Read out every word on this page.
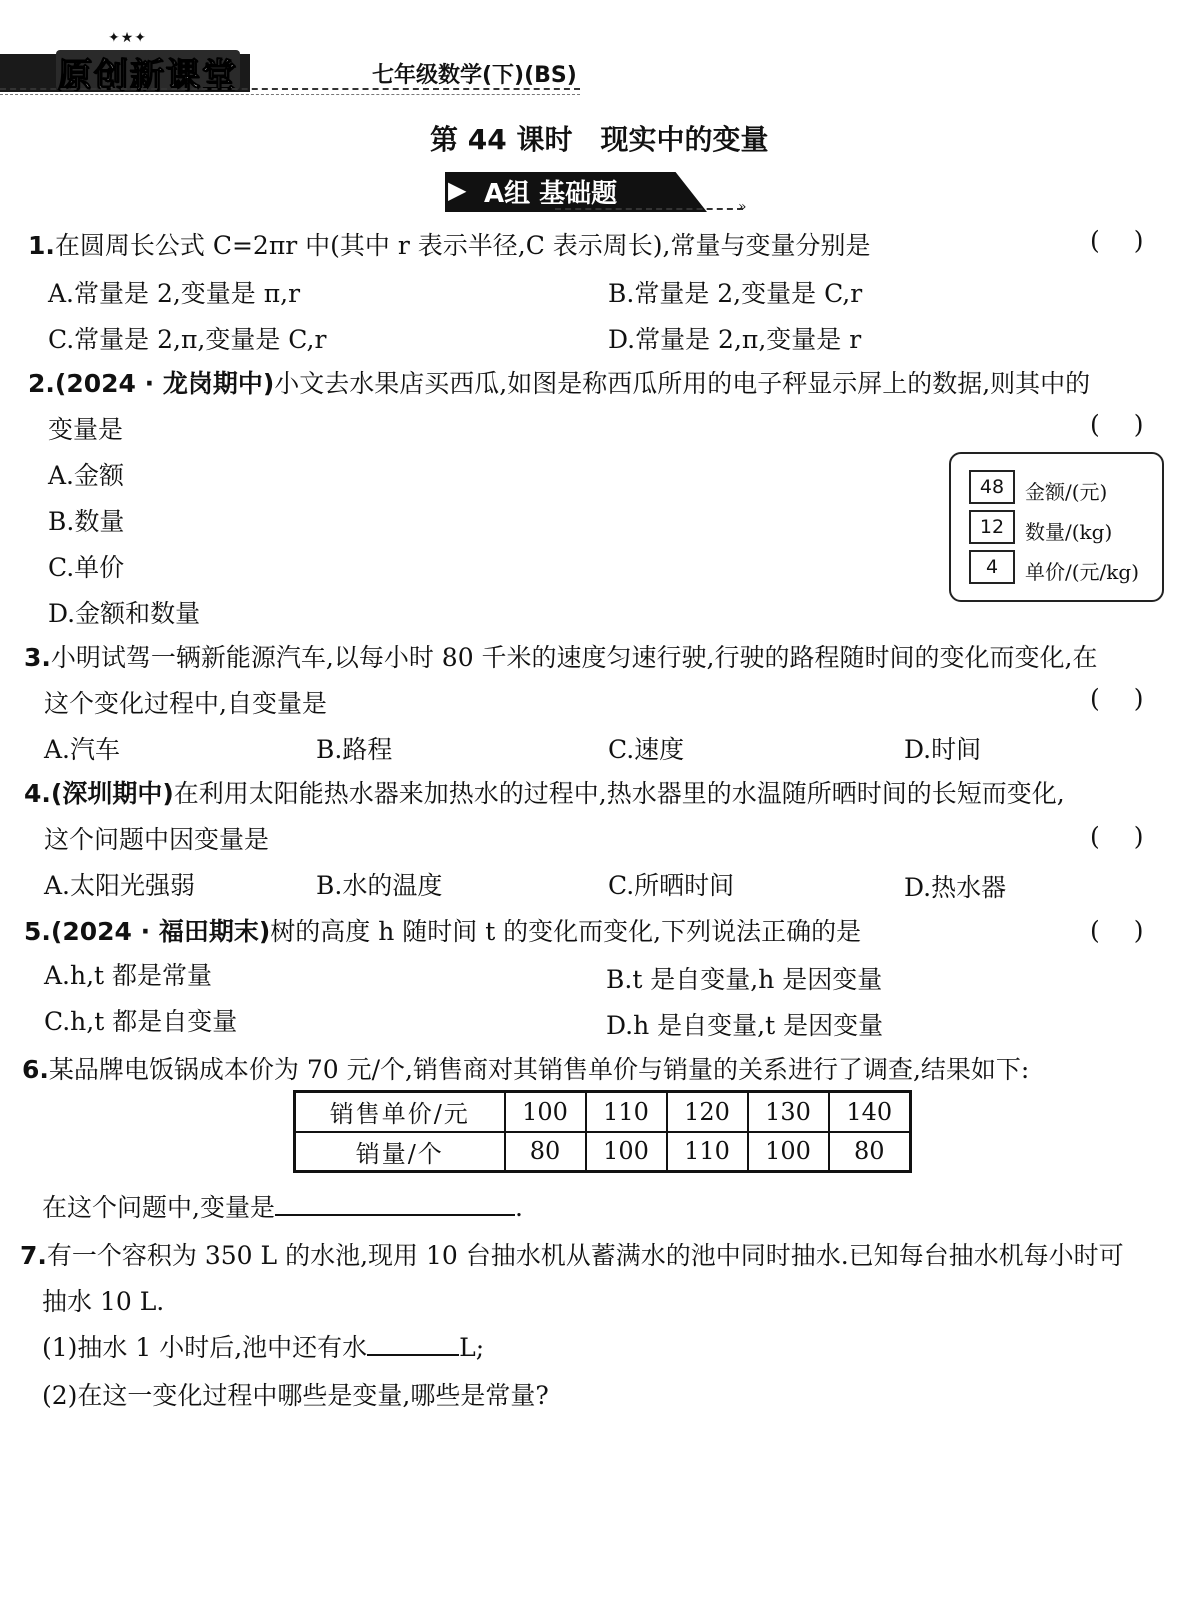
✦★✦
原创新课堂	七年级数学(下)(BS)
第 44 课时　现实中的变量
▶ A组 基础题	»
1.在圆周长公式 C=2πr 中(其中 r 表示半径,C 表示周长),常量与变量分别是	()
A.常量是 2,变量是 π,r	B.常量是 2,变量是 C,r
C.常量是 2,π,变量是 C,r	D.常量是 2,π,变量是 r
2.(2024 · 龙岗期中)小文去水果店买西瓜,如图是称西瓜所用的电子秤显示屏上的数据,则其中的
变量是	()
A.金额
B.数量
C.单价
D.金额和数量
48	金额/(元)
12	数量/(kg)
4	单价/(元/kg)
3.小明试驾一辆新能源汽车,以每小时 80 千米的速度匀速行驶,行驶的路程随时间的变化而变化,在
这个变化过程中,自变量是	()
A.汽车	B.路程	C.速度	D.时间
4.(深圳期中)在利用太阳能热水器来加热水的过程中,热水器里的水温随所晒时间的长短而变化,
这个问题中因变量是	()
A.太阳光强弱	B.水的温度	C.所晒时间	D.热水器
5.(2024 · 福田期末)树的高度 h 随时间 t 的变化而变化,下列说法正确的是	()
A.h,t 都是常量	B.t 是自变量,h 是因变量
C.h,t 都是自变量	D.h 是自变量,t 是因变量
6.某品牌电饭锅成本价为 70 元/个,销售商对其销售单价与销量的关系进行了调查,结果如下:
销售单价/元	100	110	120	130	140
销量/个	80	100	110	100	80
在这个问题中,变量是	.
7.有一个容积为 350 L 的水池,现用 10 台抽水机从蓄满水的池中同时抽水.已知每台抽水机每小时可
抽水 10 L.
(1)抽水 1 小时后,池中还有水	L;
(2)在这一变化过程中哪些是变量,哪些是常量?
